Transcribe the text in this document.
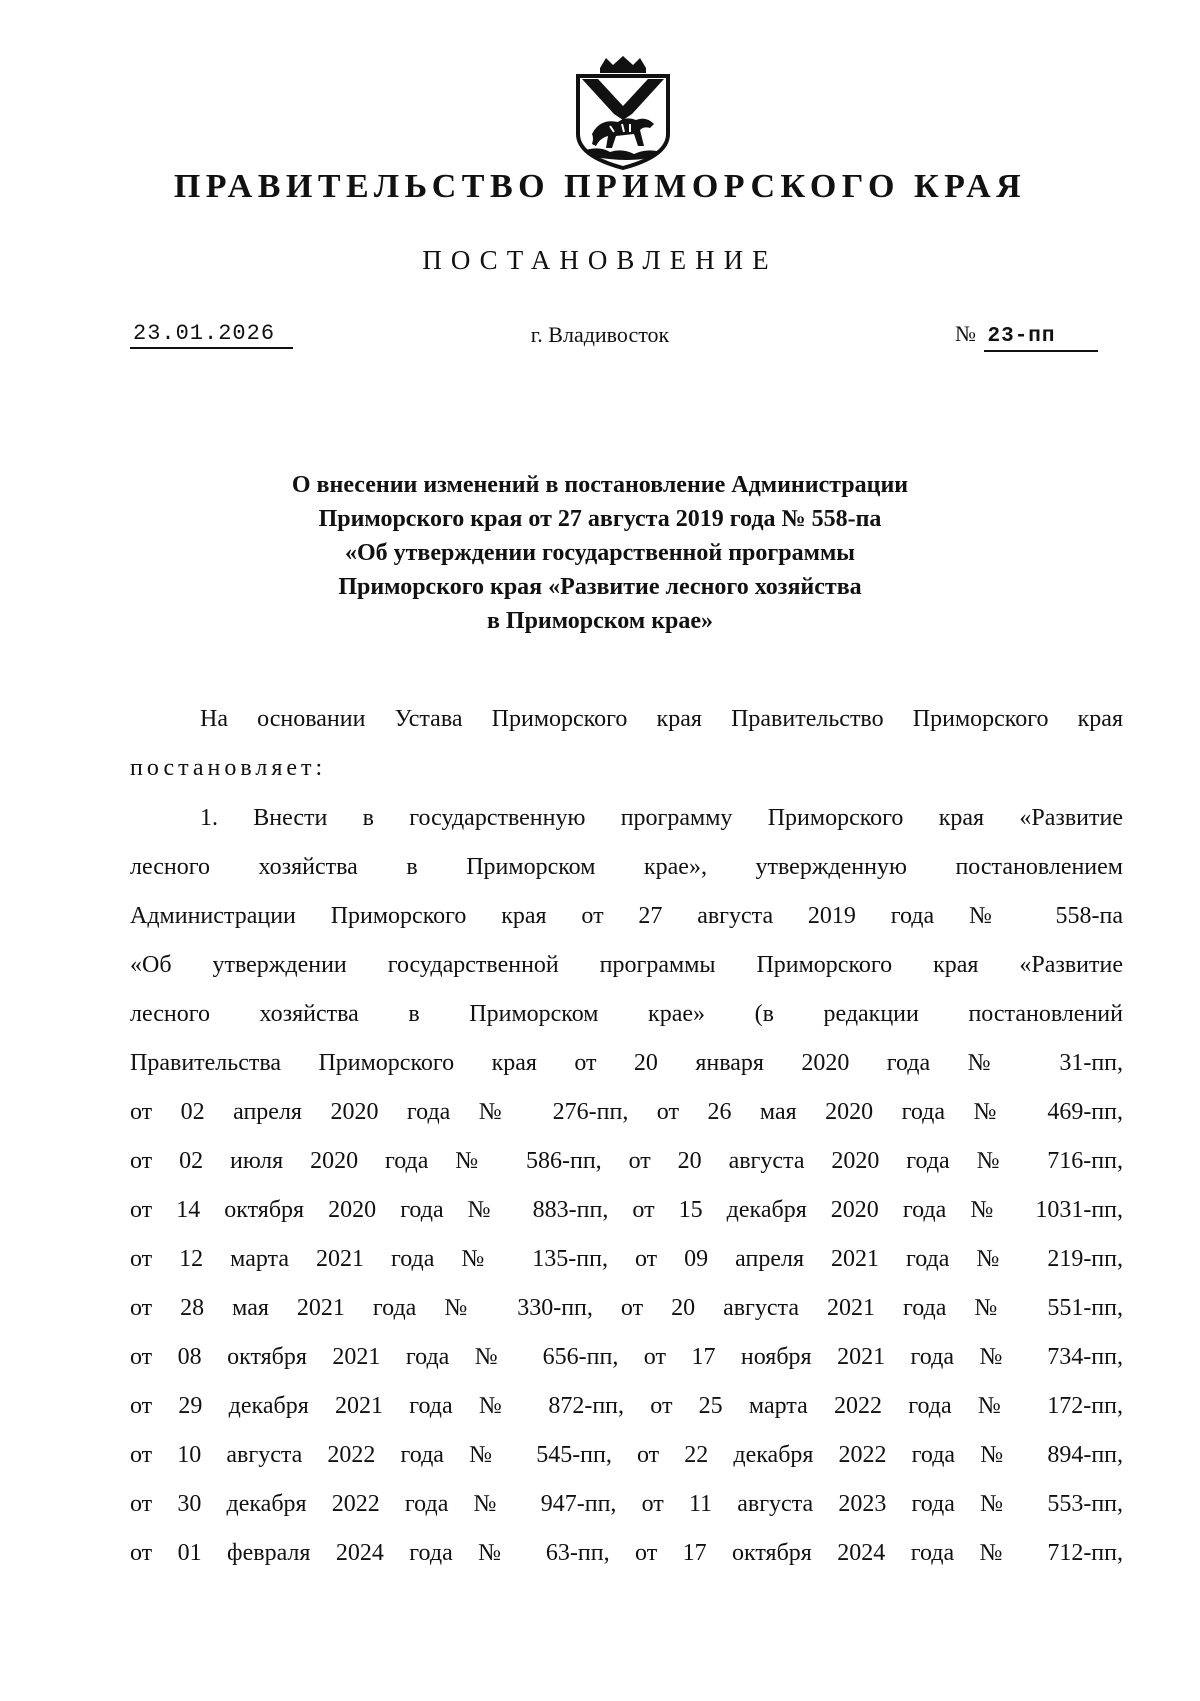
ПРАВИТЕЛЬСТВО ПРИМОРСКОГО КРАЯ
ПОСТАНОВЛЕНИЕ
23.01.2026	г. Владивосток	№ 23-пп
О внесении изменений в постановление Администрации
Приморского края от 27 августа 2019 года № 558-па
«Об утверждении государственной программы
Приморского края «Развитие лесного хозяйства
в Приморском крае»
На основании Устава Приморского края Правительство Приморского края
постановляет:
1. Внести в государственную программу Приморского края «Развитие
лесного хозяйства в Приморском крае», утвержденную постановлением
Администрации Приморского края от 27 августа 2019 года № 558-па
«Об утверждении государственной программы Приморского края «Развитие
лесного хозяйства в Приморском крае» (в редакции постановлений
Правительства Приморского края от 20 января 2020 года № 31-пп,
от 02 апреля 2020 года № 276-пп, от 26 мая 2020 года № 469-пп,
от 02 июля 2020 года № 586-пп, от 20 августа 2020 года № 716-пп,
от 14 октября 2020 года № 883-пп, от 15 декабря 2020 года № 1031-пп,
от 12 марта 2021 года № 135-пп, от 09 апреля 2021 года № 219-пп,
от 28 мая 2021 года № 330-пп, от 20 августа 2021 года № 551-пп,
от 08 октября 2021 года № 656-пп, от 17 ноября 2021 года № 734-пп,
от 29 декабря 2021 года № 872-пп, от 25 марта 2022 года № 172-пп,
от 10 августа 2022 года № 545-пп, от 22 декабря 2022 года № 894-пп,
от 30 декабря 2022 года № 947-пп, от 11 августа 2023 года № 553-пп,
от 01 февраля 2024 года № 63-пп, от 17 октября 2024 года № 712-пп,
